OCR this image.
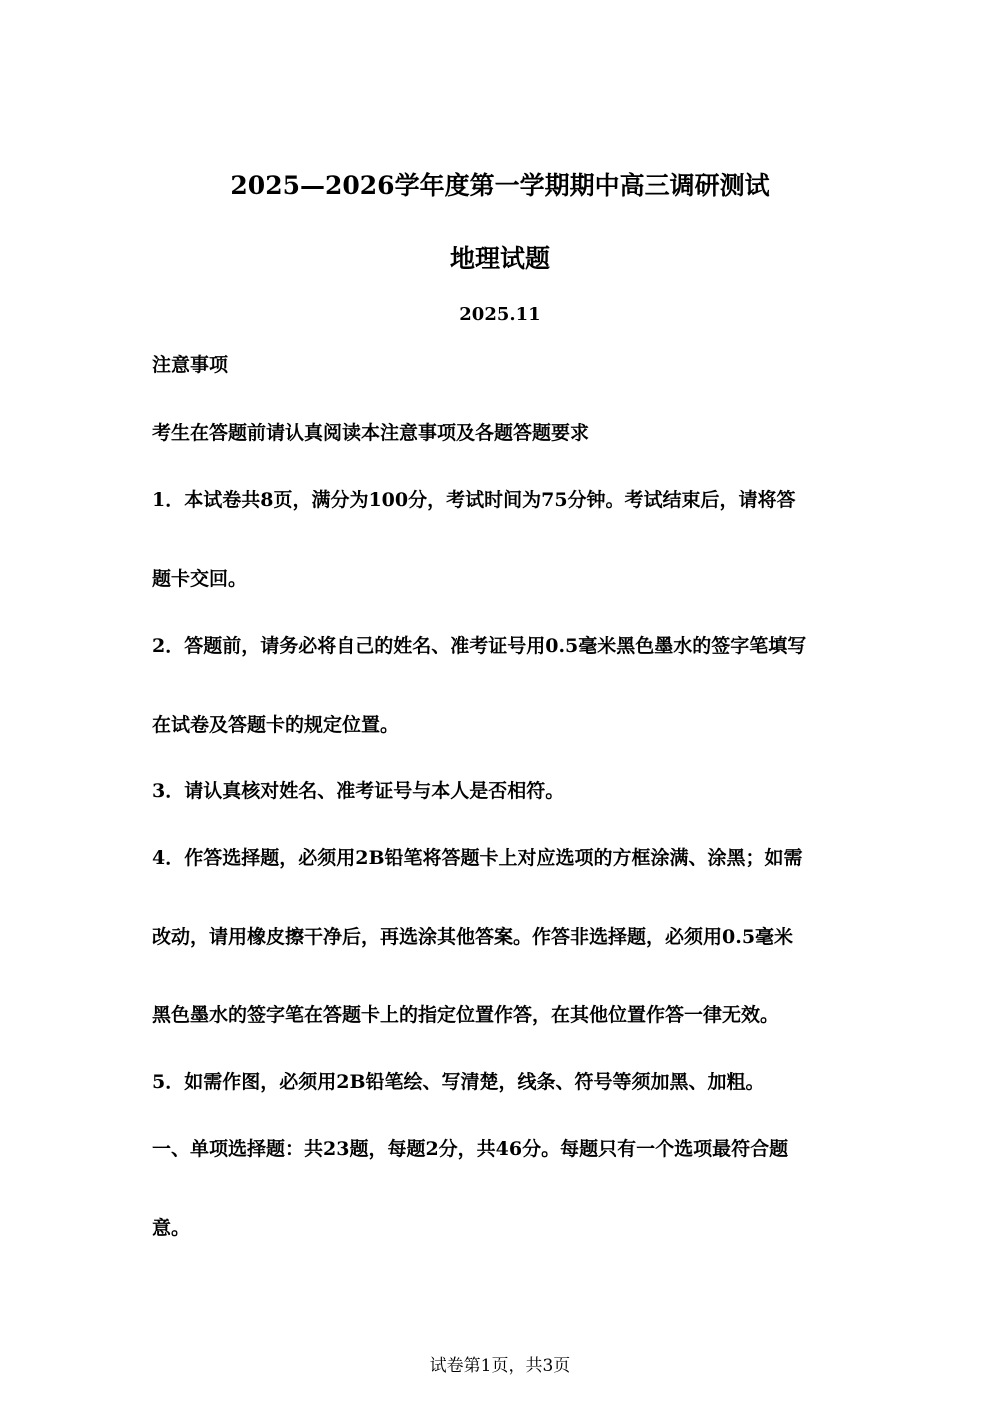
2025—2026学年度第一学期期中高三调研测试
地理试题
2025.11
注意事项
考生在答题前请认真阅读本注意事项及各题答题要求
1．本试卷共8页，满分为100分，考试时间为75分钟。考试结束后，请将答
题卡交回。
2．答题前，请务必将自己的姓名、准考证号用0.5毫米黑色墨水的签字笔填写
在试卷及答题卡的规定位置。
3．请认真核对姓名、准考证号与本人是否相符。
4．作答选择题，必须用2B铅笔将答题卡上对应选项的方框涂满、涂黑；如需
改动，请用橡皮擦干净后，再选涂其他答案。作答非选择题，必须用0.5毫米
黑色墨水的签字笔在答题卡上的指定位置作答，在其他位置作答一律无效。
5．如需作图，必须用2B铅笔绘、写清楚，线条、符号等须加黑、加粗。
一、单项选择题：共23题，每题2分，共46分。每题只有一个选项最符合题
意。
试卷第1页，共3页
